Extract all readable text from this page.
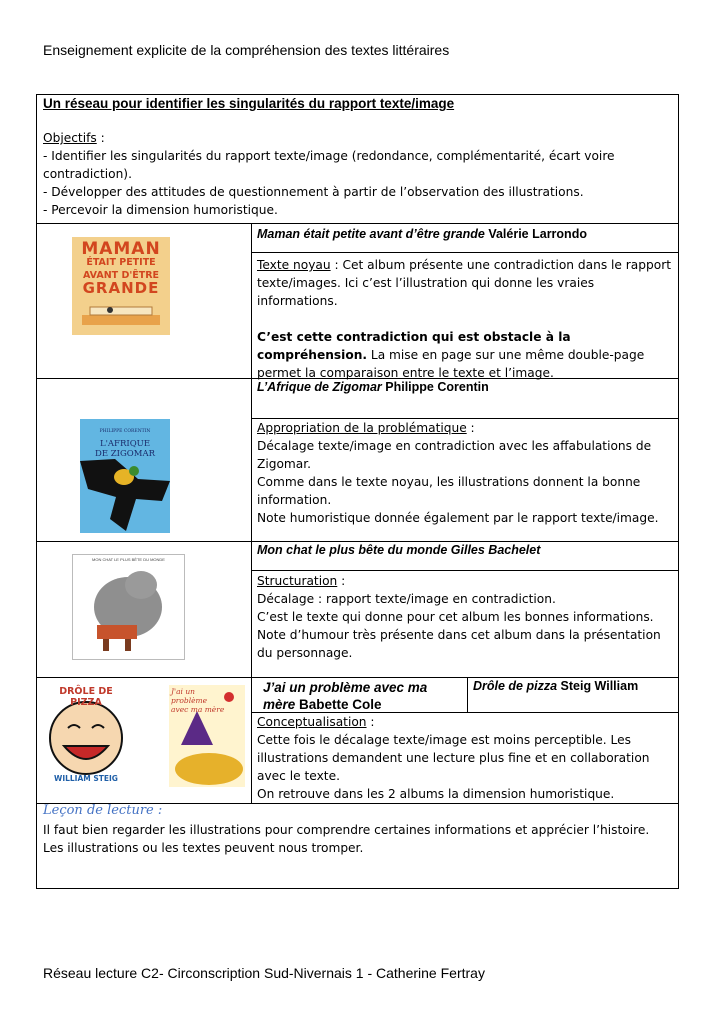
Enseignement explicite de la compréhension des textes littéraires
Un réseau pour identifier les singularités du rapport texte/image
Objectifs :
- Identifier les singularités du rapport texte/image (redondance, complémentarité, écart voire contradiction).
- Développer des attitudes de questionnement à partir de l’observation des illustrations.
- Percevoir la dimension humoristique.
MAMAN
ÉTAIT PETITE
AVANT D'ÊTRE
GRANDE
Maman était petite avant d’être grande Valérie Larrondo
Texte noyau : Cet album présente une contradiction dans le rapport texte/images. Ici c’est l’illustration qui donne les vraies informations.
C’est cette contradiction qui est obstacle à la compréhension. La mise en page sur une même double-page permet la comparaison entre le texte et l’image.
PHILIPPE CORENTIN
L'AFRIQUE
DE ZIGOMAR
L’Afrique de Zigomar Philippe Corentin
Appropriation de la problématique :
Décalage texte/image en contradiction avec les affabulations de Zigomar.
Comme dans le texte noyau, les illustrations donnent la bonne information.
Note humoristique donnée également par le rapport texte/image.
MON CHAT LE PLUS BÊTE DU MONDE
Mon chat le plus bête du monde Gilles Bachelet
Structuration :
Décalage : rapport texte/image en contradiction.
C’est le texte qui donne pour cet album les bonnes informations.
Note d’humour très présente dans cet album dans la présentation du personnage.
DRÔLE DE PIZZA
WILLIAM STEIG
J'ai un problème
avec ma mère
J’ai un problème avec ma mère Babette Cole
Drôle de pizza Steig William
Conceptualisation :
Cette fois le décalage texte/image est moins perceptible. Les illustrations demandent une lecture plus fine et en collaboration avec le texte.
On retrouve dans les 2 albums la dimension humoristique.
Leçon de lecture :
Il faut bien regarder les illustrations pour comprendre certaines informations et apprécier l’histoire.
Les illustrations ou les textes peuvent nous tromper.
Réseau lecture C2- Circonscription Sud-Nivernais 1 - Catherine Fertray
